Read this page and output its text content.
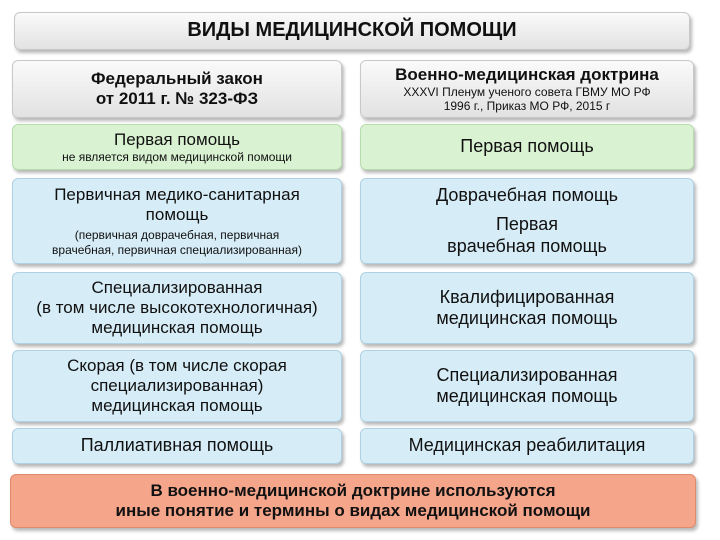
ВИДЫ МЕДИЦИНСКОЙ ПОМОЩИ
Федеральный закон
от 2011 г. № 323-ФЗ
Военно-медицинская доктрина
XXXVI Пленум ученого совета ГВМУ МО РФ
1996 г., Приказ МО РФ, 2015 г
Первая помощь
не является видом медицинской помощи
Первая помощь
Первичная медико-санитарная
помощь
(первичная доврачебная, первичная
врачебная, первичная специализированная)
Доврачебная помощь
Первая
врачебная помощь
Специализированная
(в том числе высокотехнологичная)
медицинская помощь
Квалифицированная
медицинская помощь
Скорая (в том числе скорая
специализированная)
медицинская помощь
Специализированная
медицинская помощь
Паллиативная помощь	Медицинская реабилитация
В военно-медицинской доктрине используются
иные понятие и термины о видах медицинской помощи
